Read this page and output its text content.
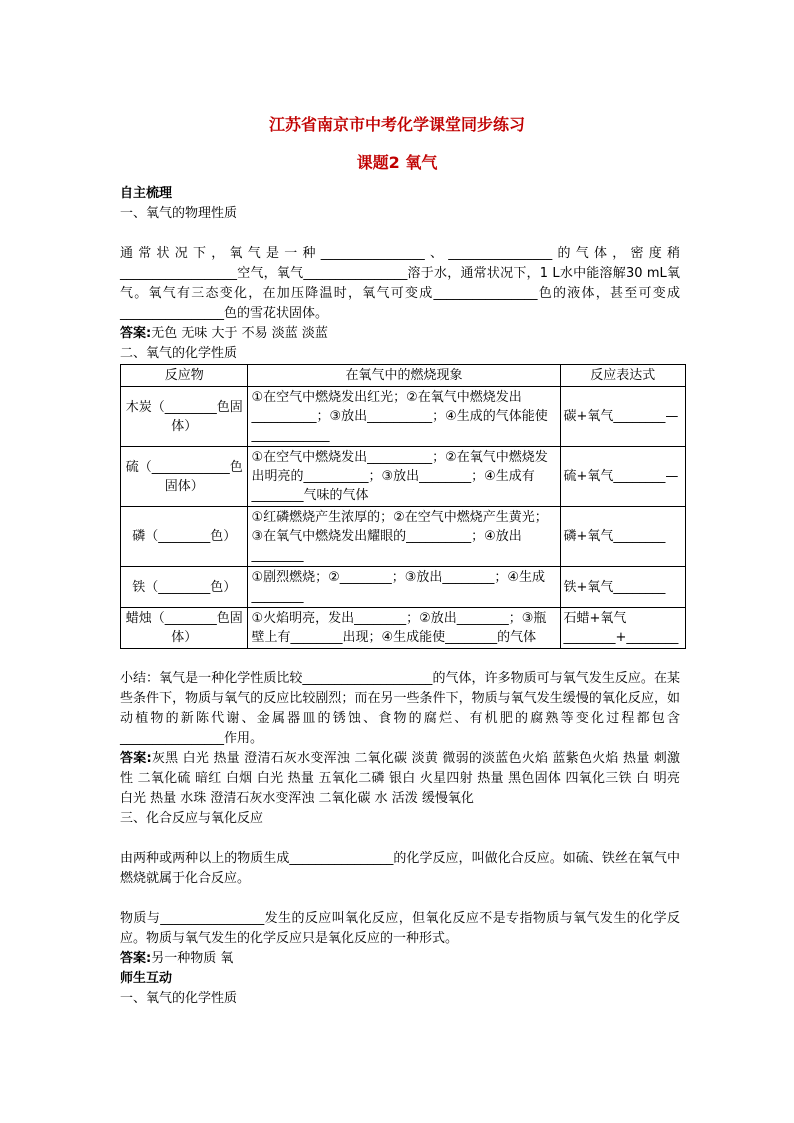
江苏省南京市中考化学课堂同步练习
课题2 氧气
自主梳理
一、氧气的物理性质
通常状况下，氧气是一种________________、________________的气体，密度稍__________________空气，氧气________________溶于水，通常状况下，1 L水中能溶解30 mL氧气。氧气有三态变化，在加压降温时，氧气可变成________________色的液体，甚至可变成________________色的雪花状固体。
答案:无色 无味 大于 不易 淡蓝 淡蓝
二、氧气的化学性质
反应物	在氧气中的燃烧现象	反应表达式
木炭（________色固体）	①在空气中燃烧发出红光；②在氧气中燃烧发出__________；③放出__________；④生成的气体能使____________	碳+氧气________—
硫（____________色固体）	①在空气中燃烧发出__________；②在氧气中燃烧发出明亮的__________；③放出________；④生成有________气味的气体	硫+氧气________—
磷（________色）	①红磷燃烧产生浓厚的；②在空气中燃烧产生黄光；③在氧气中燃烧发出耀眼的__________；④放出________	磷+氧气________
铁（________色）	①剧烈燃烧；②________；③放出________；④生成________	铁+氧气________
蜡烛（________色固体）	①火焰明亮，发出________；②放出________；③瓶壁上有________出现；④生成能使________的气体	石蜡+氧气________+________
小结：氧气是一种化学性质比较____________________的气体，许多物质可与氧气发生反应。在某些条件下，物质与氧气的反应比较剧烈；而在另一些条件下，物质与氧气发生缓慢的氧化反应，如动植物的新陈代谢、金属器皿的锈蚀、食物的腐烂、有机肥的腐熟等变化过程都包含________________作用。
答案:灰黑 白光 热量 澄清石灰水变浑浊 二氧化碳 淡黄 微弱的淡蓝色火焰 蓝紫色火焰 热量 刺激性 二氧化硫 暗红 白烟 白光 热量 五氧化二磷 银白 火星四射 热量 黑色固体 四氧化三铁 白 明亮白光 热量 水珠 澄清石灰水变浑浊 二氧化碳 水 活泼 缓慢氧化
三、化合反应与氧化反应
由两种或两种以上的物质生成________________的化学反应，叫做化合反应。如硫、铁丝在氧气中燃烧就属于化合反应。
物质与________________发生的反应叫氧化反应，但氧化反应不是专指物质与氧气发生的化学反应。物质与氧气发生的化学反应只是氧化反应的一种形式。
答案:另一种物质 氧
师生互动
一、氧气的化学性质
